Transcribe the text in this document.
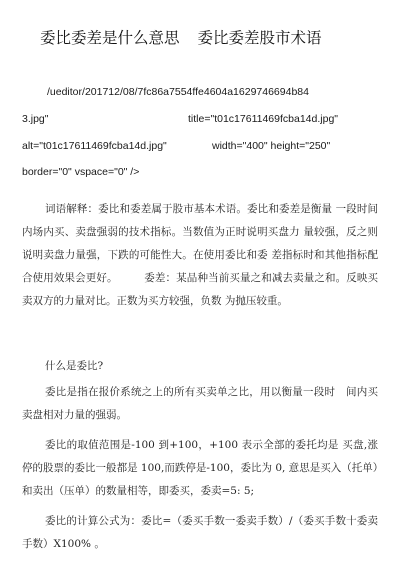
委比委差是什么意思 委比委差股市术语
/ueditor/201712/08/7fc86a7554ffe4604a1629746694b84
3.jpg"	title="t01c17611469fcba14d.jpg"
alt="t01c17611469fcba14d.jpg"	width="400" height="250"
border="0" vspace="0" />

词语解释：委比和委差属于股市基本术语。委比和委差是衡量 一段时间内场内买、卖盘强弱的技术指标。当数值为正时说明买盘力 量较强，反之则说明卖盘力量强，下跌的可能性大。在使用委比和委 差指标时和其他指标配合使用效果会更好。　　　委差：某品种当前买量之和减去卖量之和。反映买卖双方的力量对比。正数为买方较强，负数 为抛压较重。

什么是委比?

委比是指在报价系统之上的所有买卖单之比，用以衡量一段时　间内买卖盘相对力量的强弱。

委比的取值范围是-100 到+100，+100 表示全部的委托均是 买盘,涨停的股票的委比一般都是 100,而跌停是-100，委比为 0, 意思是买入（托单）和卖出（压单）的数量相等，即委买，委卖=5: 5;

委比的计算公式为：委比=（委买手数一委卖手数）/（委买手数十委卖手数）X100% 。
